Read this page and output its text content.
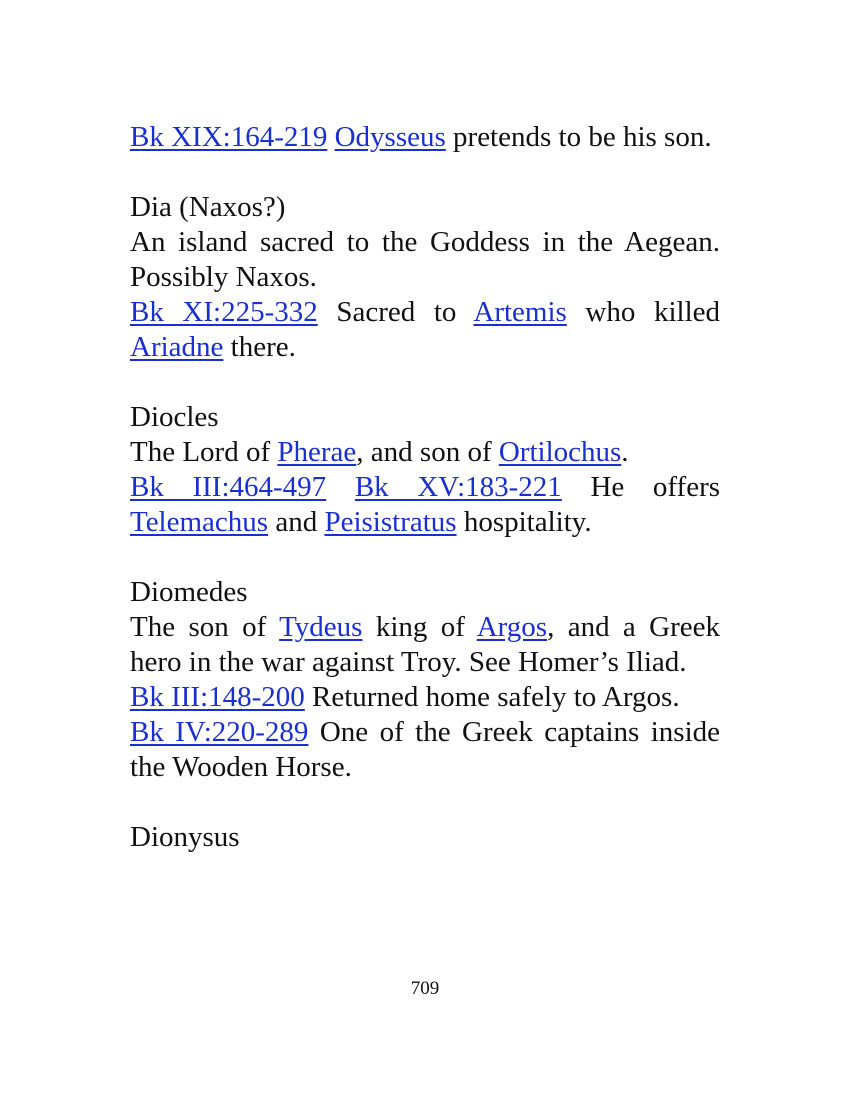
Bk XIX:164-219 Odysseus pretends to be his son.

Dia (Naxos?)

An island sacred to the Goddess in the Aegean. Possibly Naxos.

Bk XI:225-332 Sacred to Artemis who killed Ariadne there.

Diocles

The Lord of Pherae, and son of Ortilochus.

Bk III:464-497 Bk XV:183-221 He offers Telemachus and Peisistratus hospitality.

Diomedes

The son of Tydeus king of Argos, and a Greek hero in the war against Troy. See Homer’s Iliad.

Bk III:148-200 Returned home safely to Argos.

Bk IV:220-289 One of the Greek captains inside the Wooden Horse.

Dionysus

709
